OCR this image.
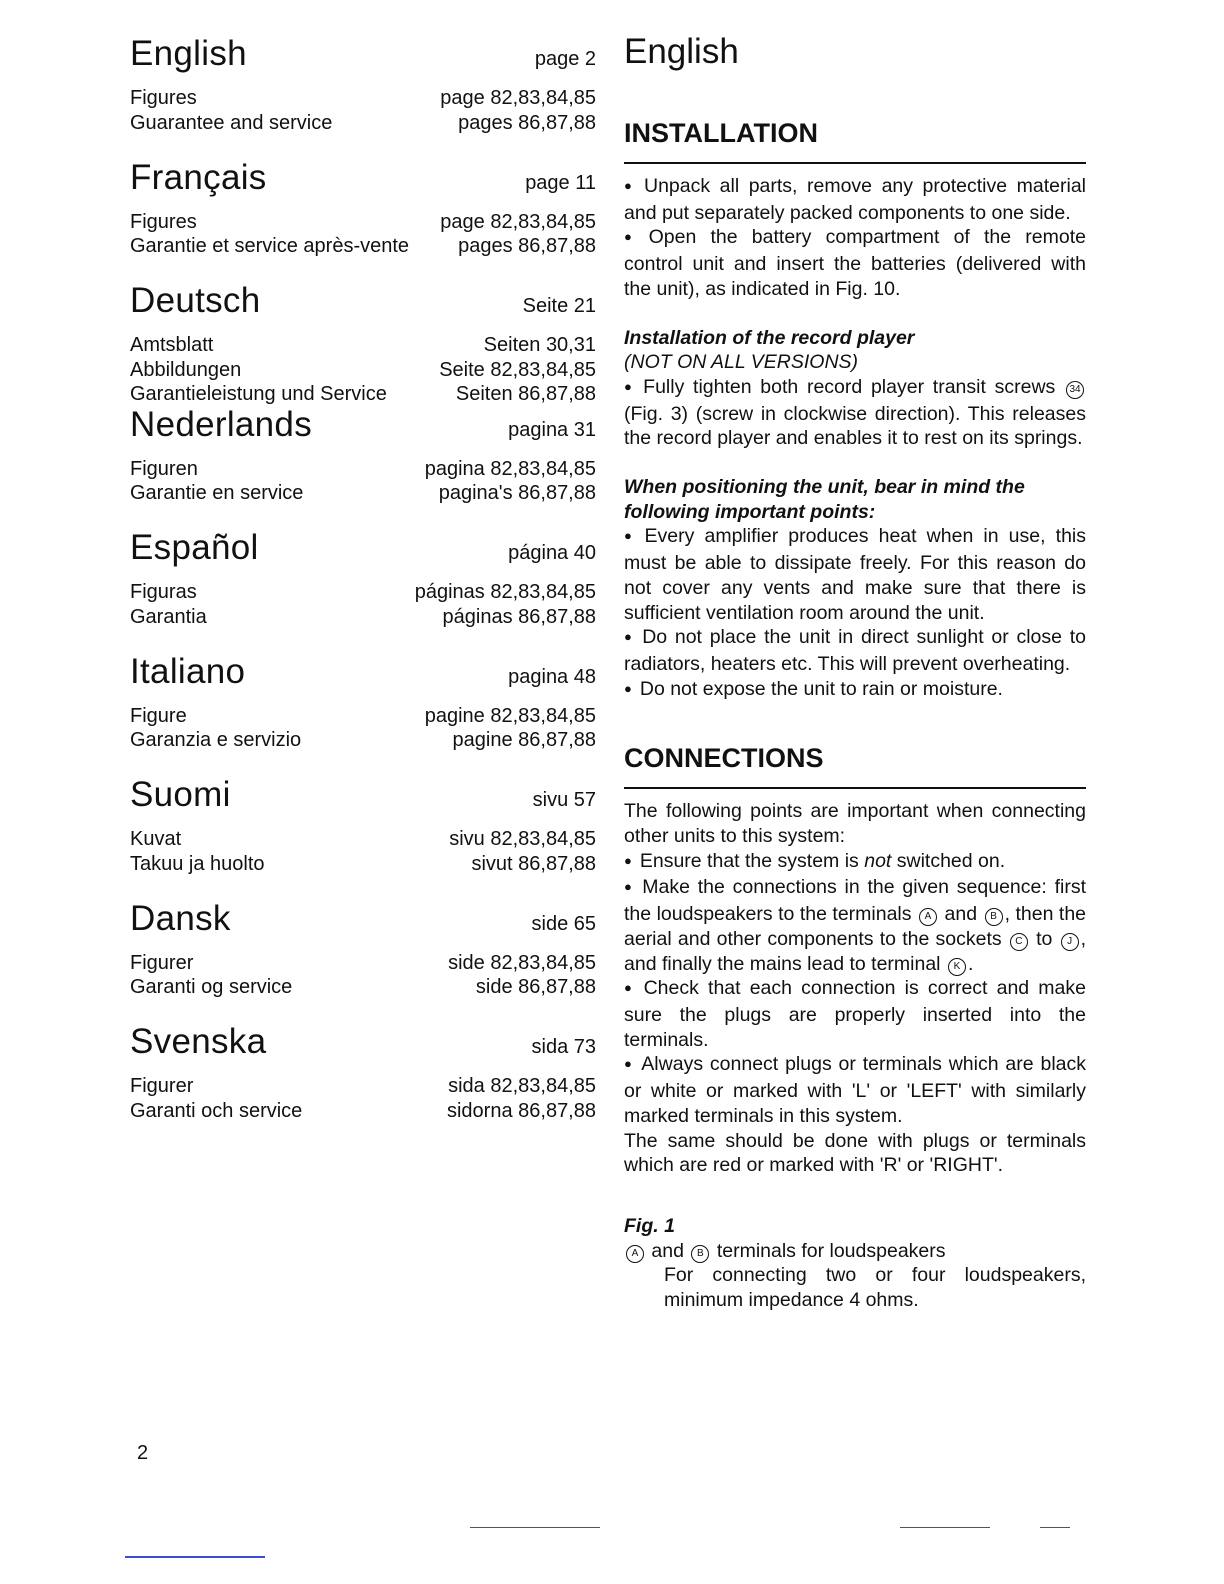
English	page 2
Figures	page 82,83,84,85
Guarantee and service	pages 86,87,88
Français	page 11
Figures	page 82,83,84,85
Garantie et service après-vente pages 86,87,88
Deutsch	Seite 21
Amtsblatt	Seiten 30,31
Abbildungen	Seite 82,83,84,85
Garantieleistung und Service	Seiten 86,87,88
Nederlands	pagina 31
Figuren	pagina 82,83,84,85
Garantie en service	pagina's 86,87,88
Español	página 40
Figuras	páginas 82,83,84,85
Garantia	páginas 86,87,88
Italiano	pagina 48
Figure	pagine 82,83,84,85
Garanzia e servizio	pagine 86,87,88
Suomi	sivu 57
Kuvat	sivu 82,83,84,85
Takuu ja huolto	sivut 86,87,88
Dansk	side 65
Figurer	side 82,83,84,85
Garanti og service	side 86,87,88
Svenska	sida 73
Figurer	sida 82,83,84,85
Garanti och service	sidorna 86,87,88
English
INSTALLATION

● Unpack all parts, remove any protective material and put separately packed components to one side.

● Open the battery compartment of the remote control unit and insert the batteries (delivered with the unit), as indicated in Fig. 10.

Installation of the record player

(NOT ON ALL VERSIONS)

● Fully tighten both record player transit screws 34 (Fig. 3) (screw in clockwise direction). This releases the record player and enables it to rest on its springs.

When positioning the unit, bear in mind the following important points:

● Every amplifier produces heat when in use, this must be able to dissipate freely. For this reason do not cover any vents and make sure that there is sufficient ventilation room around the unit.

● Do not place the unit in direct sunlight or close to radiators, heaters etc. This will prevent overheating.

● Do not expose the unit to rain or moisture.

CONNECTIONS

The following points are important when connecting other units to this system:

● Ensure that the system is not switched on.

● Make the connections in the given sequence: first the loudspeakers to the terminals A and B , then the aerial and other components to the sockets C to J , and finally the mains lead to terminal K .

● Check that each connection is correct and make sure the plugs are properly inserted into the terminals.

● Always connect plugs or terminals which are black or white or marked with 'L' or 'LEFT' with similarly marked terminals in this system.

The same should be done with plugs or terminals which are red or marked with 'R' or 'RIGHT'.

Fig. 1

A and B terminals for loudspeakers

For connecting two or four loudspeakers, minimum impedance 4 ohms.

2
